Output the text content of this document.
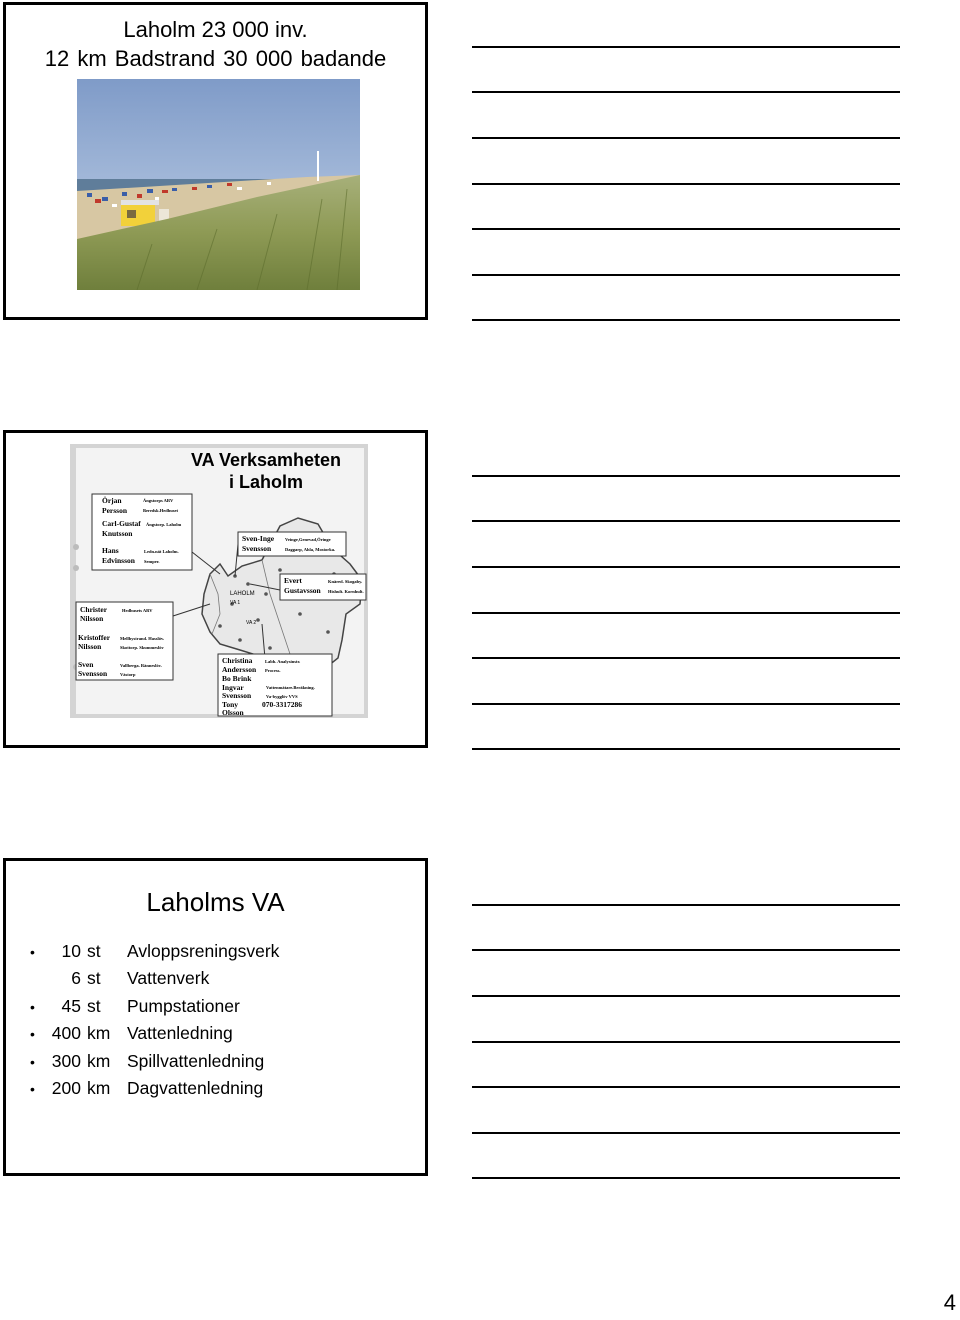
Laholm 23 000 inv.
12 km Badstrand 30 000 badande
VA Verksamheten
i Laholm
LAHOLM
VA 1
VA 2
Örjan
Persson
Carl-Gustaf
Knutsson
Hans
Edvinsson
Ängstorps ARV
Beredsk.Hedhuset
Ängstorp. Laholm
Ledn.nät Laholm.
Semper.
Christer
Nilsson
Kristoffer
Nilsson
Sven
Svensson
Hedhusets ARV
Mellbystrand. Hasslöv.
Skottorp. Skummeslöv
Vallberga. Ränneslöv.
Västorp
Sven-Inge
Svensson
Veinge,Genevad,Öringe
Daggarp, Ahla, Mostorka.
Evert
Gustavsson
Knäred. Skogaby.
Hishult. Kornhult.
Christina
Andersson
Bo Brink
Ingvar
Svensson
Tony
Olsson
Labb. Analysinstr.
Process.
Vattenmätare.Beräkning.
Va-bygglöv VVS
070-3317286
Laholms VA
• 10 st Avloppsreningsverk
6 st Vattenverk
• 45 st Pumpstationer
• 400 km Vattenledning
• 300 km Spillvattenledning
• 200 km Dagvattenledning
4
